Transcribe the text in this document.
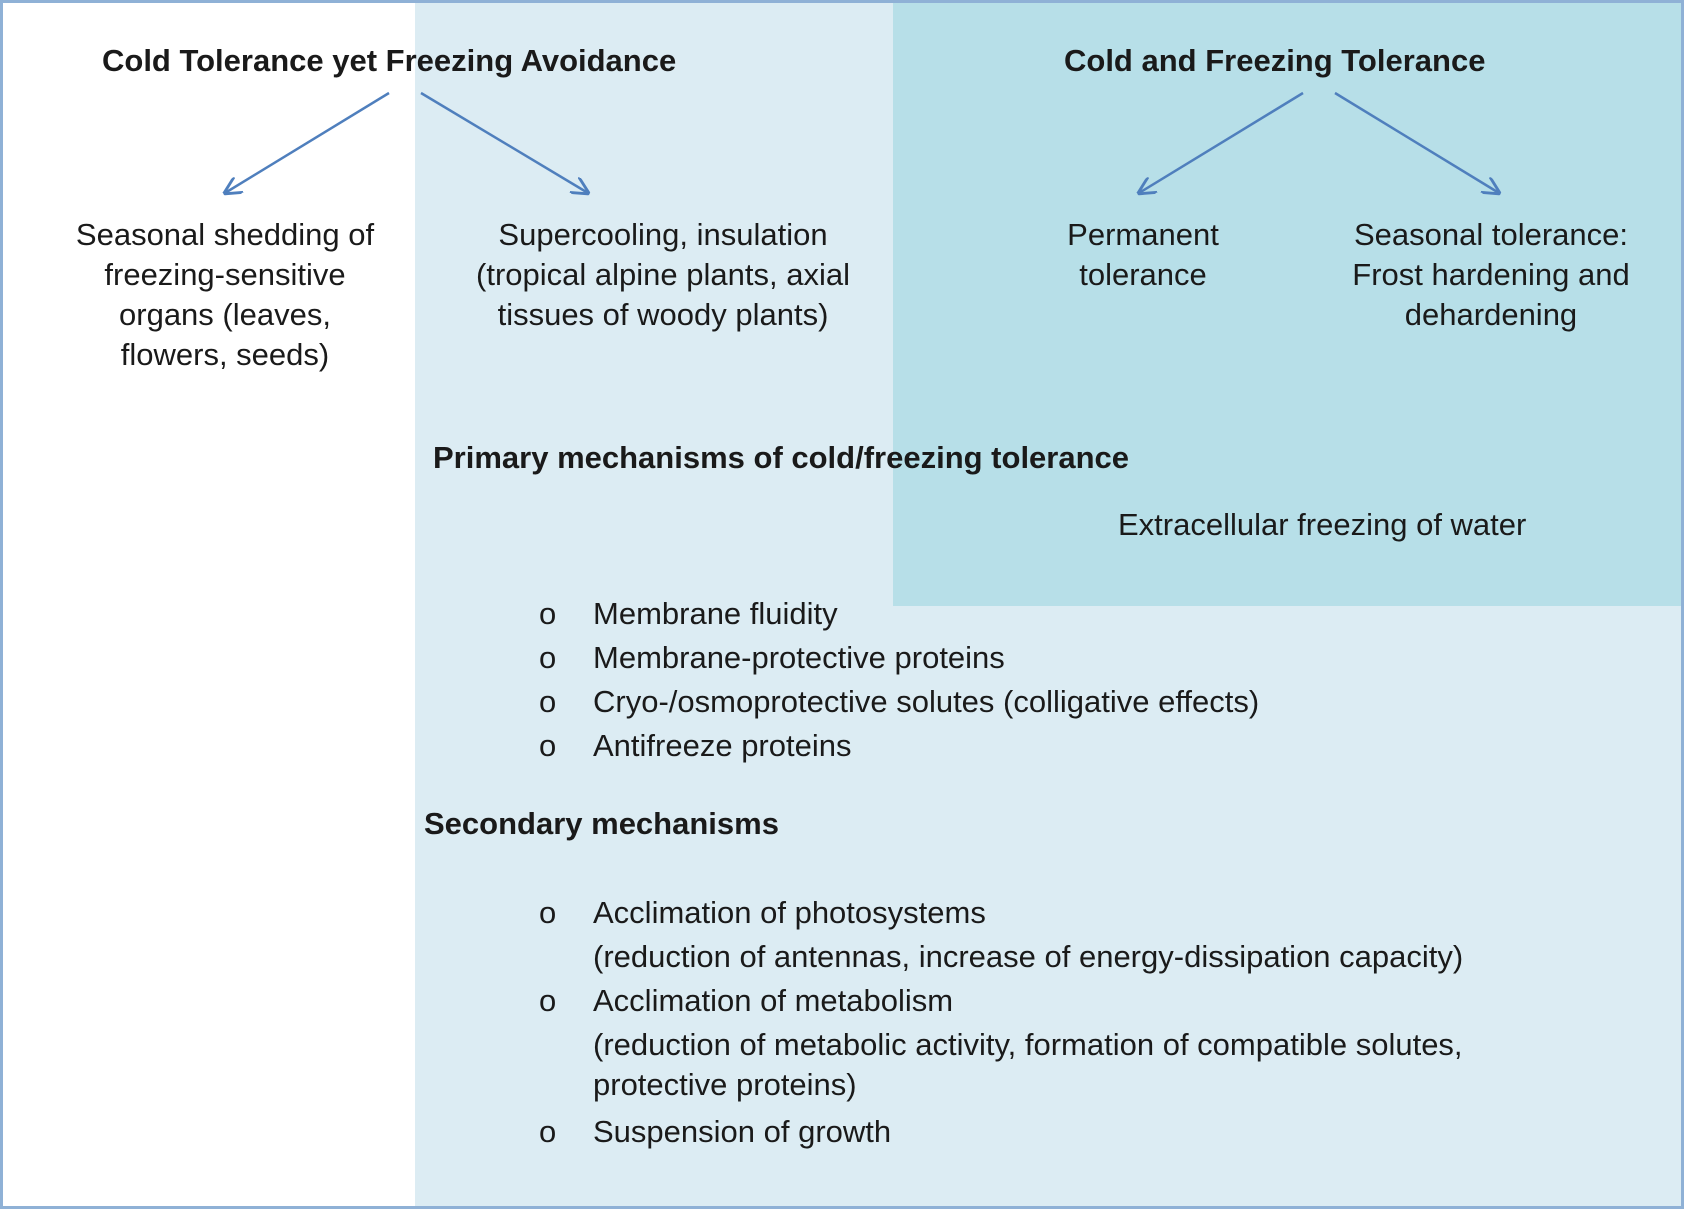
Cold Tolerance yet Freezing Avoidance	Cold and Freezing Tolerance
Seasonal shedding of
freezing-sensitive
organs (leaves,
flowers, seeds)
Supercooling, insulation
(tropical alpine plants, axial
tissues of woody plants)
Permanent
tolerance
Seasonal tolerance:
Frost hardening and
dehardening
Primary mechanisms of cold/freezing tolerance
Extracellular freezing of water
o Membrane fluidity
o Membrane-protective proteins
o Cryo-/osmoprotective solutes (colligative effects)
o Antifreeze proteins
Secondary mechanisms
o Acclimation of photosystems
(reduction of antennas, increase of energy-dissipation capacity)
o Acclimation of metabolism
(reduction of metabolic activity, formation of compatible solutes,
protective proteins)
o Suspension of growth
